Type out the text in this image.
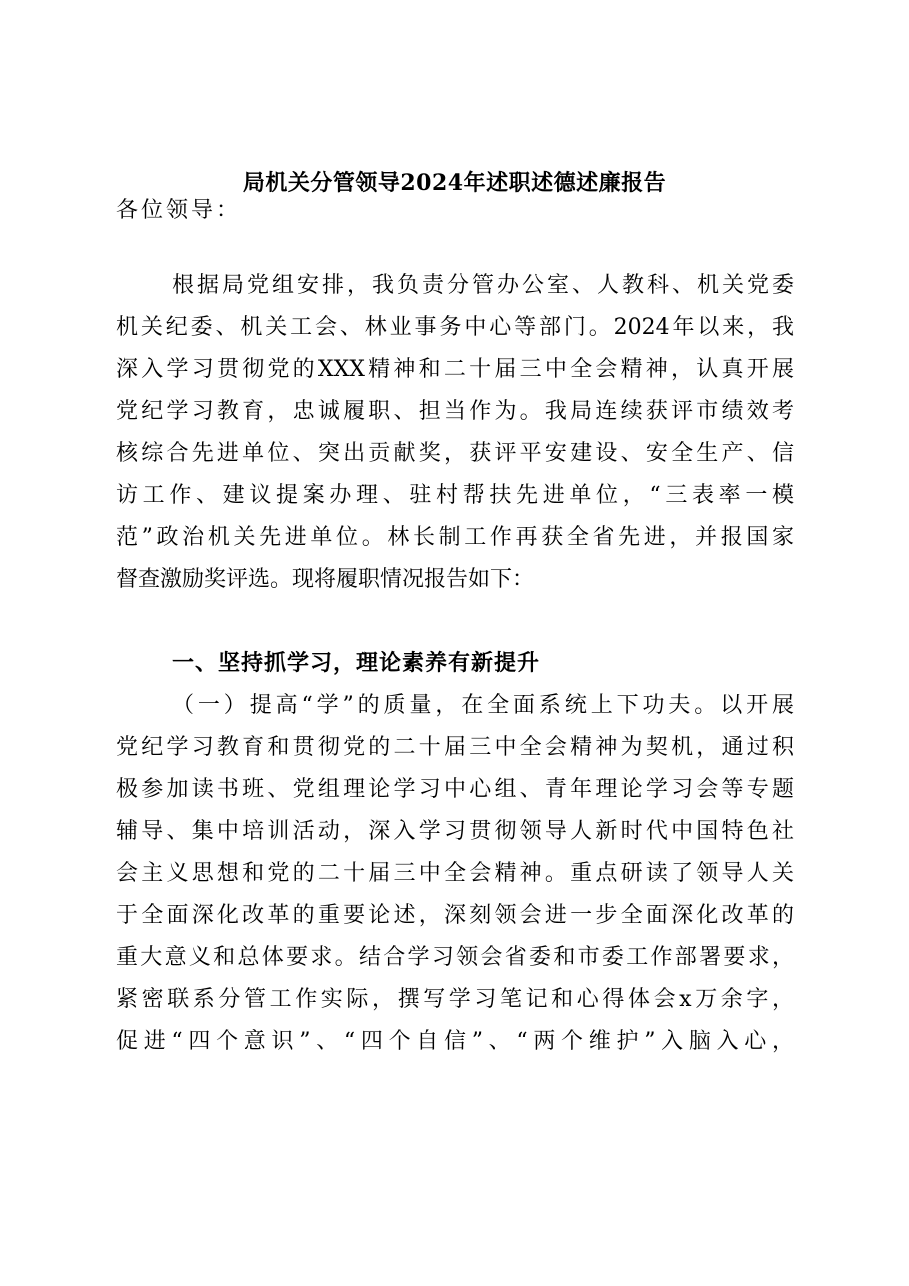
局机关分管领导2024年述职述德述廉报告
各位领导：
根据局党组安排，我负责分管办公室、人教科、机关党委
机关纪委、机关工会、林业事务中心等部门。2024年以来，我
深入学习贯彻党的XXX精神和二十届三中全会精神，认真开展
党纪学习教育，忠诚履职、担当作为。我局连续获评市绩效考
核综合先进单位、突出贡献奖，获评平安建设、安全生产、信
访工作、建议提案办理、驻村帮扶先进单位，“三表率一模
范”政治机关先进单位。林长制工作再获全省先进，并报国家
督查激励奖评选。现将履职情况报告如下：
一、坚持抓学习，理论素养有新提升
（一）提高“学”的质量，在全面系统上下功夫。以开展
党纪学习教育和贯彻党的二十届三中全会精神为契机，通过积
极参加读书班、党组理论学习中心组、青年理论学习会等专题
辅导、集中培训活动，深入学习贯彻领导人新时代中国特色社
会主义思想和党的二十届三中全会精神。重点研读了领导人关
于全面深化改革的重要论述，深刻领会进一步全面深化改革的
重大意义和总体要求。结合学习领会省委和市委工作部署要求，
紧密联系分管工作实际，撰写学习笔记和心得体会x万余字，
促进“四个意识”、“四个自信”、“两个维护”入脑入心，
